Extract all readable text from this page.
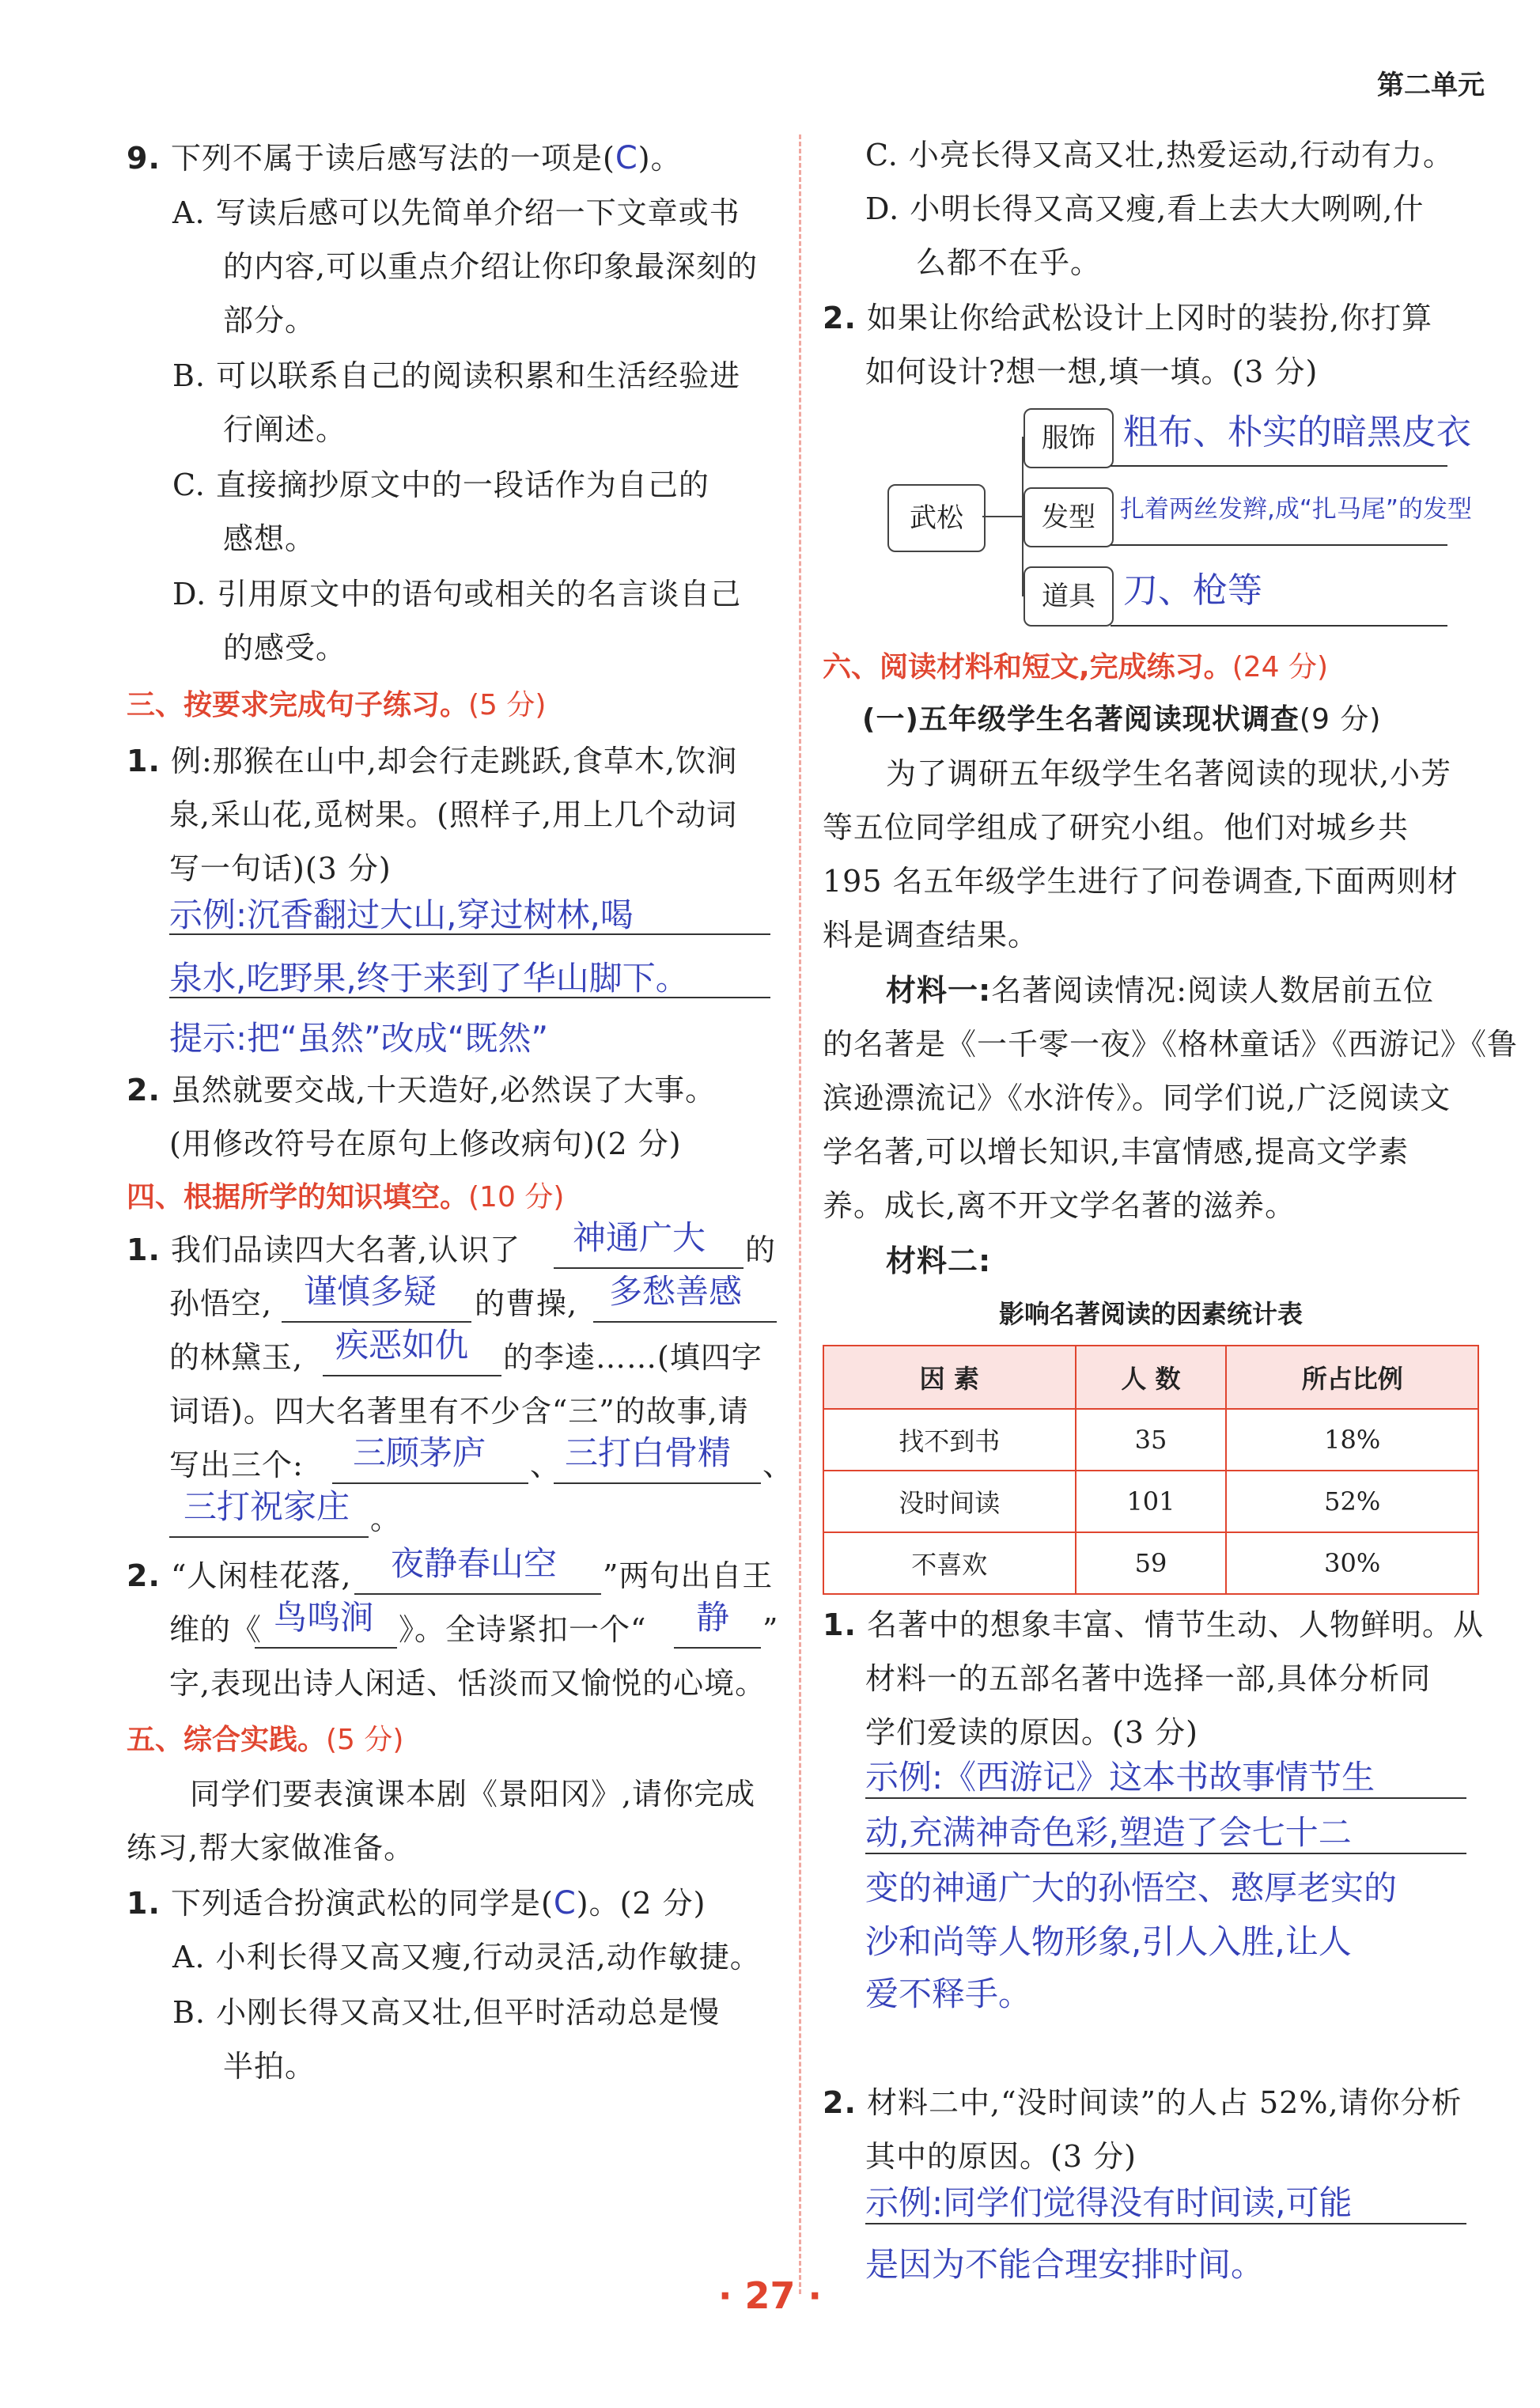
第二单元
9. 下列不属于读后感写法的一项是(C)。
A. 写读后感可以先简单介绍一下文章或书
的内容,可以重点介绍让你印象最深刻的
部分。
B. 可以联系自己的阅读积累和生活经验进
行阐述。
C. 直接摘抄原文中的一段话作为自己的
感想。
D. 引用原文中的语句或相关的名言谈自己
的感受。
三、按要求完成句子练习。(5 分)
1. 例:那猴在山中,却会行走跳跃,食草木,饮涧
泉,采山花,觅树果。(照样子,用上几个动词
写一句话)(3 分)
示例:沉香翻过大山,穿过树林,喝
泉水,吃野果,终于来到了华山脚下。
提示:把“虽然”改成“既然”
2. 虽然就要交战,十天造好,必然误了大事。
(用修改符号在原句上修改病句)(2 分)
四、根据所学的知识填空。(10 分)
1. 我们品读四大名著,认识了 神通广大 的
孙悟空, 谨慎多疑 的曹操, 多愁善感
的林黛玉, 疾恶如仇 的李逵……(填四字
词语)。四大名著里有不少含“三”的故事,请
写出三个: 三顾茅庐 、 三打白骨精 、
三打祝家庄 。
2. “人闲桂花落, 夜静春山空 ”两句出自王
维的《 鸟鸣涧 》。全诗紧扣一个“ 静 ”
字,表现出诗人闲适、恬淡而又愉悦的心境。
五、综合实践。(5 分)
同学们要表演课本剧《景阳冈》,请你完成
练习,帮大家做准备。
1. 下列适合扮演武松的同学是(C)。(2 分)
A. 小利长得又高又瘦,行动灵活,动作敏捷。
B. 小刚长得又高又壮,但平时活动总是慢
半拍。
C. 小亮长得又高又壮,热爱运动,行动有力。
D. 小明长得又高又瘦,看上去大大咧咧,什
么都不在乎。
2. 如果让你给武松设计上冈时的装扮,你打算
如何设计?想一想,填一填。(3 分)
武松
服饰 粗布、朴实的暗黑皮衣
发型	扎着两丝发辫,成“扎马尾”的发型
道具 刀、枪等
六、阅读材料和短文,完成练习。(24 分)
(一)五年级学生名著阅读现状调查(9 分)
为了调研五年级学生名著阅读的现状,小芳
等五位同学组成了研究小组。他们对城乡共
195 名五年级学生进行了问卷调查,下面两则材
料是调查结果。
材料一:名著阅读情况:阅读人数居前五位
的名著是《一千零一夜》《格林童话》《西游记》《鲁
滨逊漂流记》《水浒传》。同学们说,广泛阅读文
学名著,可以增长知识,丰富情感,提高文学素
养。成长,离不开文学名著的滋养。
材料二:
影响名著阅读的因素统计表
因 素	人 数	所占比例
找不到书	35	18%
没时间读	101	52%
不喜欢	59	30%
1. 名著中的想象丰富、情节生动、人物鲜明。从
材料一的五部名著中选择一部,具体分析同
学们爱读的原因。(3 分)
示例:《西游记》这本书故事情节生
动,充满神奇色彩,塑造了会七十二
变的神通广大的孙悟空、憨厚老实的
沙和尚等人物形象,引人入胜,让人
爱不释手。
2. 材料二中,“没时间读”的人占 52%,请你分析
其中的原因。(3 分)
示例:同学们觉得没有时间读,可能
是因为不能合理安排时间。
· 27 ·
